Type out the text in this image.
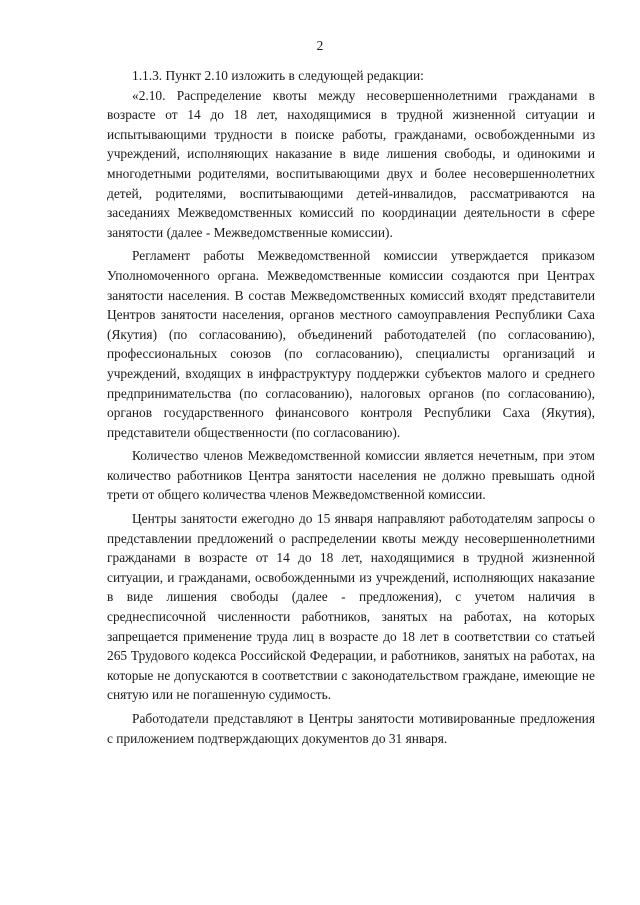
2

1.1.3. Пункт 2.10 изложить в следующей редакции:

«2.10. Распределение квоты между несовершеннолетними гражданами в возрасте от 14 до 18 лет, находящимися в трудной жизненной ситуации и испытывающими трудности в поиске работы, гражданами, освобожденными из учреждений, исполняющих наказание в виде лишения свободы, и одинокими и многодетными родителями, воспитывающими двух и более несовершеннолетних детей, родителями, воспитывающими детей-инвалидов, рассматриваются на заседаниях Межведомственных комиссий по координации деятельности в сфере занятости (далее - Межведомственные комиссии).

Регламент работы Межведомственной комиссии утверждается приказом Уполномоченного органа. Межведомственные комиссии создаются при Центрах занятости населения. В состав Межведомственных комиссий входят представители Центров занятости населения, органов местного самоуправления Республики Саха (Якутия) (по согласованию), объединений работодателей (по согласованию), профессиональных союзов (по согласованию), специалисты организаций и учреждений, входящих в инфраструктуру поддержки субъектов малого и среднего предпринимательства (по согласованию), налоговых органов (по согласованию), органов государственного финансового контроля Республики Саха (Якутия), представители общественности (по согласованию).

Количество членов Межведомственной комиссии является нечетным, при этом количество работников Центра занятости населения не должно превышать одной трети от общего количества членов Межведомственной комиссии.

Центры занятости ежегодно до 15 января направляют работодателям запросы о представлении предложений о распределении квоты между несовершеннолетними гражданами в возрасте от 14 до 18 лет, находящимися в трудной жизненной ситуации, и гражданами, освобожденными из учреждений, исполняющих наказание в виде лишения свободы (далее - предложения), с учетом наличия в среднесписочной численности работников, занятых на работах, на которых запрещается применение труда лиц в возрасте до 18 лет в соответствии со статьей 265 Трудового кодекса Российской Федерации, и работников, занятых на работах, на которые не допускаются в соответствии с законодательством граждане, имеющие не снятую или не погашенную судимость.

Работодатели представляют в Центры занятости мотивированные предложения с приложением подтверждающих документов до 31 января.
